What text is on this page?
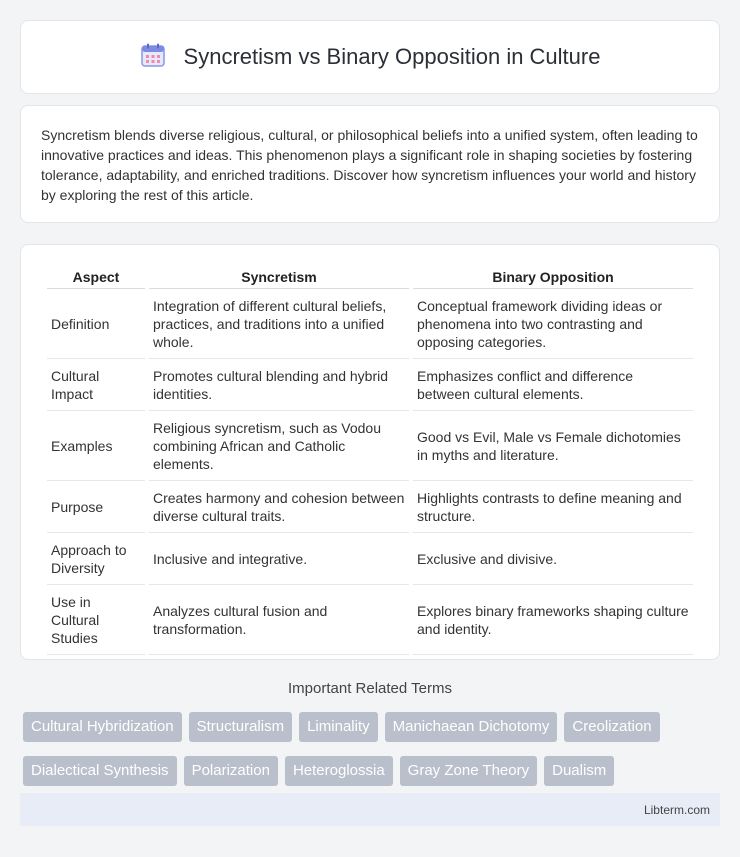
Syncretism vs Binary Opposition in Culture

Syncretism blends diverse religious, cultural, or philosophical beliefs into a unified system, often leading to innovative practices and ideas. This phenomenon plays a significant role in shaping societies by fostering tolerance, adaptability, and enriched traditions. Discover how syncretism influences your world and history by exploring the rest of this article.

Aspect	Syncretism	Binary Opposition
Definition	Integration of different cultural beliefs, practices, and traditions into a unified whole.	Conceptual framework dividing ideas or phenomena into two contrasting and opposing categories.
Cultural Impact	Promotes cultural blending and hybrid identities.	Emphasizes conflict and difference between cultural elements.
Examples	Religious syncretism, such as Vodou combining African and Catholic elements.	Good vs Evil, Male vs Female dichotomies in myths and literature.
Purpose	Creates harmony and cohesion between diverse cultural traits.	Highlights contrasts to define meaning and structure.
Approach to Diversity	Inclusive and integrative.	Exclusive and divisive.
Use in Cultural Studies	Analyzes cultural fusion and transformation.	Explores binary frameworks shaping culture and identity.
Important Related Terms
Cultural Hybridization	Structuralism	Liminality	Manichaean Dichotomy	Creolization
Dialectical Synthesis	Polarization	Heteroglossia	Gray Zone Theory	Dualism
Libterm.com
